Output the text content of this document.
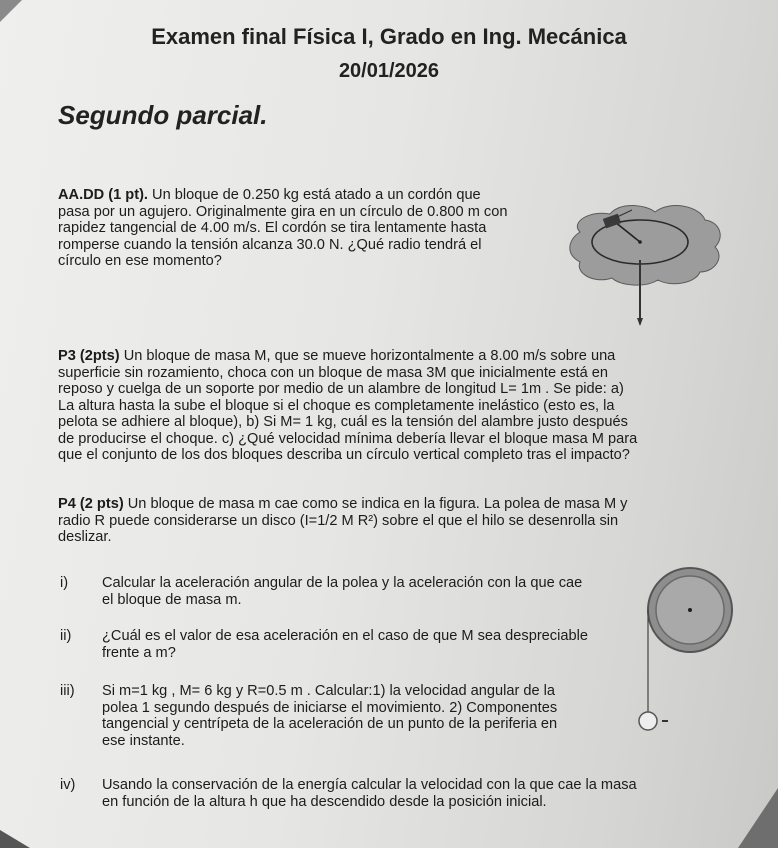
Examen final Física I, Grado en Ing. Mecánica
20/01/2026
Segundo parcial.
AA.DD (1 pt). Un bloque de 0.250 kg está atado a un cordón que
pasa por un agujero. Originalmente gira en un círculo de 0.800 m con
rapidez tangencial de 4.00 m/s. El cordón se tira lentamente hasta
romperse cuando la tensión alcanza 30.0 N. ¿Qué radio tendrá el
círculo en ese momento?
P3 (2pts) Un bloque de masa M, que se mueve horizontalmente a 8.00 m/s sobre una
superficie sin rozamiento, choca con un bloque de masa 3M que inicialmente está en
reposo y cuelga de un soporte por medio de un alambre de longitud L= 1m . Se pide: a)
La altura hasta la sube el bloque si el choque es completamente inelástico (esto es, la
pelota se adhiere al bloque), b) Si M= 1 kg, cuál es la tensión del alambre justo después
de producirse el choque. c) ¿Qué velocidad mínima debería llevar el bloque masa M para
que el conjunto de los dos bloques describa un círculo vertical completo tras el impacto?
P4 (2 pts) Un bloque de masa m cae como se indica en la figura. La polea de masa M y
radio R puede considerarse un disco (I=1/2 M R²) sobre el que el hilo se desenrolla sin
deslizar.
i) Calcular la aceleración angular de la polea y la aceleración con la que cae
el bloque de masa m.
ii) ¿Cuál es el valor de esa aceleración en el caso de que M sea despreciable
frente a m?
iii) Si m=1 kg , M= 6 kg y R=0.5 m . Calcular:1) la velocidad angular de la
polea 1 segundo después de iniciarse el movimiento. 2) Componentes
tangencial y centrípeta de la aceleración de un punto de la periferia en
ese instante.
iv) Usando la conservación de la energía calcular la velocidad con la que cae la masa
en función de la altura h que ha descendido desde la posición inicial.
